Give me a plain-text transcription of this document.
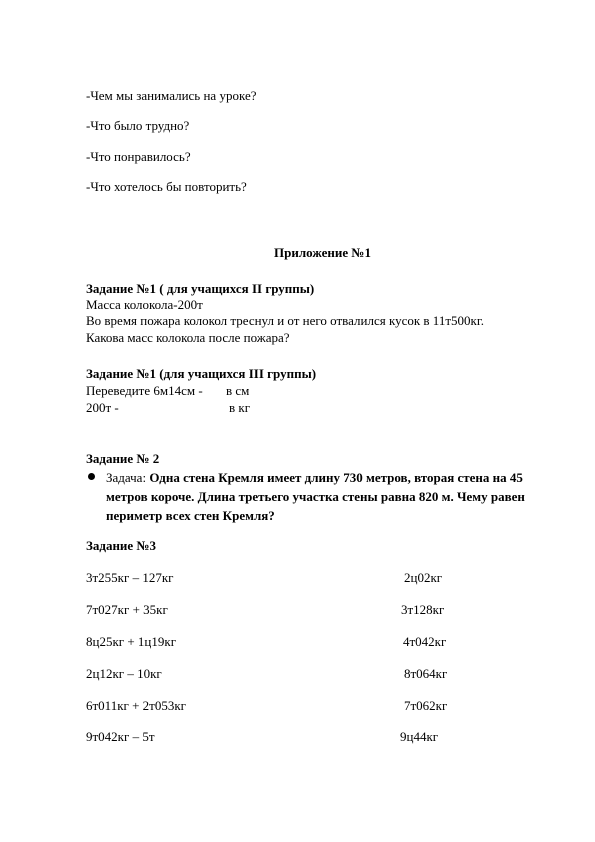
-Чем мы занимались на уроке?
-Что было трудно?
-Что понравилось?
-Что хотелось бы повторить?
Приложение №1
Задание №1 ( для учащихся II группы)
Масса колокола-200т
Во время пожара колокол треснул и от него отвалился кусок в 11т500кг.
Какова масс колокола после пожара?
Задание №1 (для учащихся III группы)
Переведите 6м14см - в см
200т -	в кг
Задание № 2
Задача: Одна стена Кремля имеет длину 730 метров, вторая стена на 45 метров короче. Длина третьего участка стены равна 820 м. Чему равен периметр всех стен Кремля?
Задание №3
3т255кг – 127кг	2ц02кг
7т027кг + 35кг	3т128кг
8ц25кг + 1ц19кг	4т042кг
2ц12кг – 10кг	8т064кг
6т011кг + 2т053кг	7т062кг
9т042кг – 5т	9ц44кг
